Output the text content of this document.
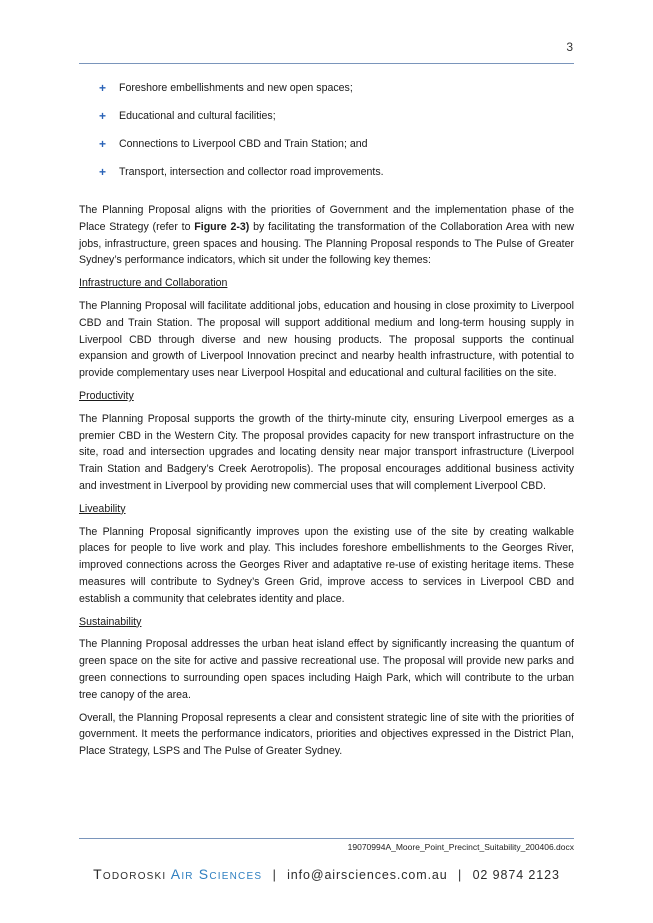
3
+ Foreshore embellishments and new open spaces;
+ Educational and cultural facilities;
+ Connections to Liverpool CBD and Train Station; and
+ Transport, intersection and collector road improvements.

The Planning Proposal aligns with the priorities of Government and the implementation phase of the Place Strategy (refer to Figure 2-3) by facilitating the transformation of the Collaboration Area with new jobs, infrastructure, green spaces and housing. The Planning Proposal responds to The Pulse of Greater Sydney’s performance indicators, which sit under the following key themes:

Infrastructure and Collaboration

The Planning Proposal will facilitate additional jobs, education and housing in close proximity to Liverpool CBD and Train Station. The proposal will support additional medium and long-term housing supply in Liverpool CBD through diverse and new housing products. The proposal supports the continual expansion and growth of Liverpool Innovation precinct and nearby health infrastructure, with potential to provide complementary uses near Liverpool Hospital and educational and cultural facilities on the site.

Productivity

The Planning Proposal supports the growth of the thirty-minute city, ensuring Liverpool emerges as a premier CBD in the Western City. The proposal provides capacity for new transport infrastructure on the site, road and intersection upgrades and locating density near major transport infrastructure (Liverpool Train Station and Badgery’s Creek Aerotropolis). The proposal encourages additional business activity and investment in Liverpool by providing new commercial uses that will complement Liverpool CBD.

Liveability

The Planning Proposal significantly improves upon the existing use of the site by creating walkable places for people to live work and play. This includes foreshore embellishments to the Georges River, improved connections across the Georges River and adaptative re-use of existing heritage items. These measures will contribute to Sydney’s Green Grid, improve access to services in Liverpool CBD and establish a community that celebrates identity and place.

Sustainability

The Planning Proposal addresses the urban heat island effect by significantly increasing the quantum of green space on the site for active and passive recreational use. The proposal will provide new parks and green connections to surrounding open spaces including Haigh Park, which will contribute to the urban tree canopy of the area.

Overall, the Planning Proposal represents a clear and consistent strategic line of site with the priorities of government. It meets the performance indicators, priorities and objectives expressed in the District Plan, Place Strategy, LSPS and The Pulse of Greater Sydney.

19070994A_Moore_Point_Precinct_Suitability_200406.docx
Todoroski Air Sciences | info@airsciences.com.au | 02 9874 2123
